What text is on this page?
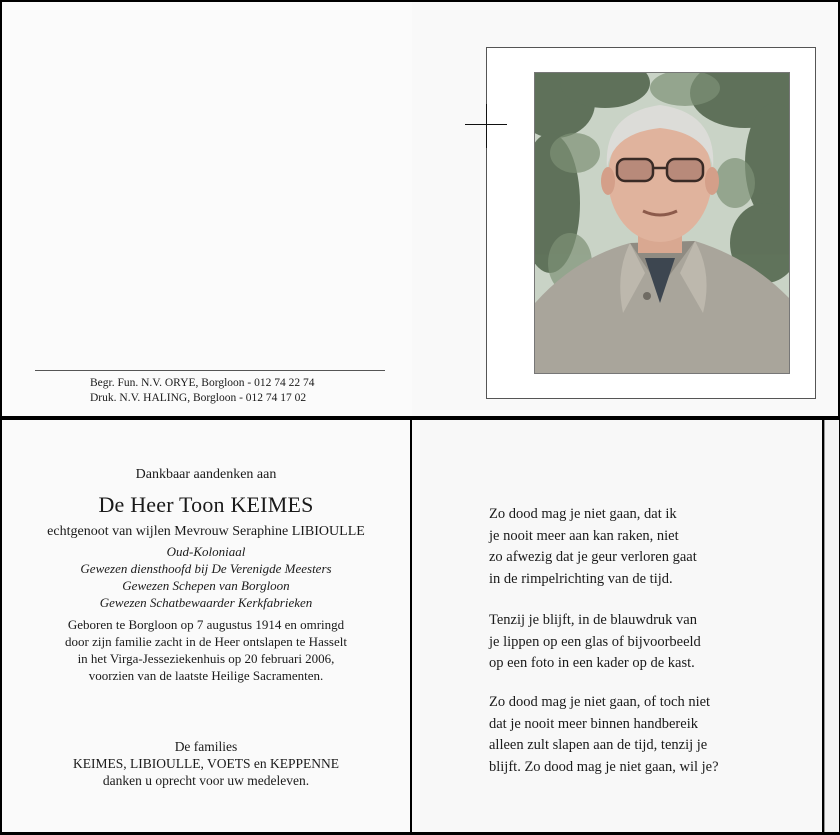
Begr. Fun. N.V. ORYE, Borgloon - 012 74 22 74
Druk. N.V. HALING, Borgloon - 012 74 17 02
Dankbaar aandenken aan
De Heer Toon KEIMES
echtgenoot van wijlen Mevrouw Seraphine LIBIOULLE
Oud-Koloniaal
Gewezen diensthoofd bij De Verenigde Meesters
Gewezen Schepen van Borgloon
Gewezen Schatbewaarder Kerkfabrieken
Geboren te Borgloon op 7 augustus 1914 en omringd
door zijn familie zacht in de Heer ontslapen te Hasselt
in het Virga-Jesseziekenhuis op 20 februari 2006,
voorzien van de laatste Heilige Sacramenten.
De families
KEIMES, LIBIOULLE, VOETS en KEPPENNE
danken u oprecht voor uw medeleven.
Zo dood mag je niet gaan, dat ik
je nooit meer aan kan raken, niet
zo afwezig dat je geur verloren gaat
in de rimpelrichting van de tijd.
Tenzij je blijft, in de blauwdruk van
je lippen op een glas of bijvoorbeeld
op een foto in een kader op de kast.
Zo dood mag je niet gaan, of toch niet
dat je nooit meer binnen handbereik
alleen zult slapen aan de tijd, tenzij je
blijft. Zo dood mag je niet gaan, wil je?
